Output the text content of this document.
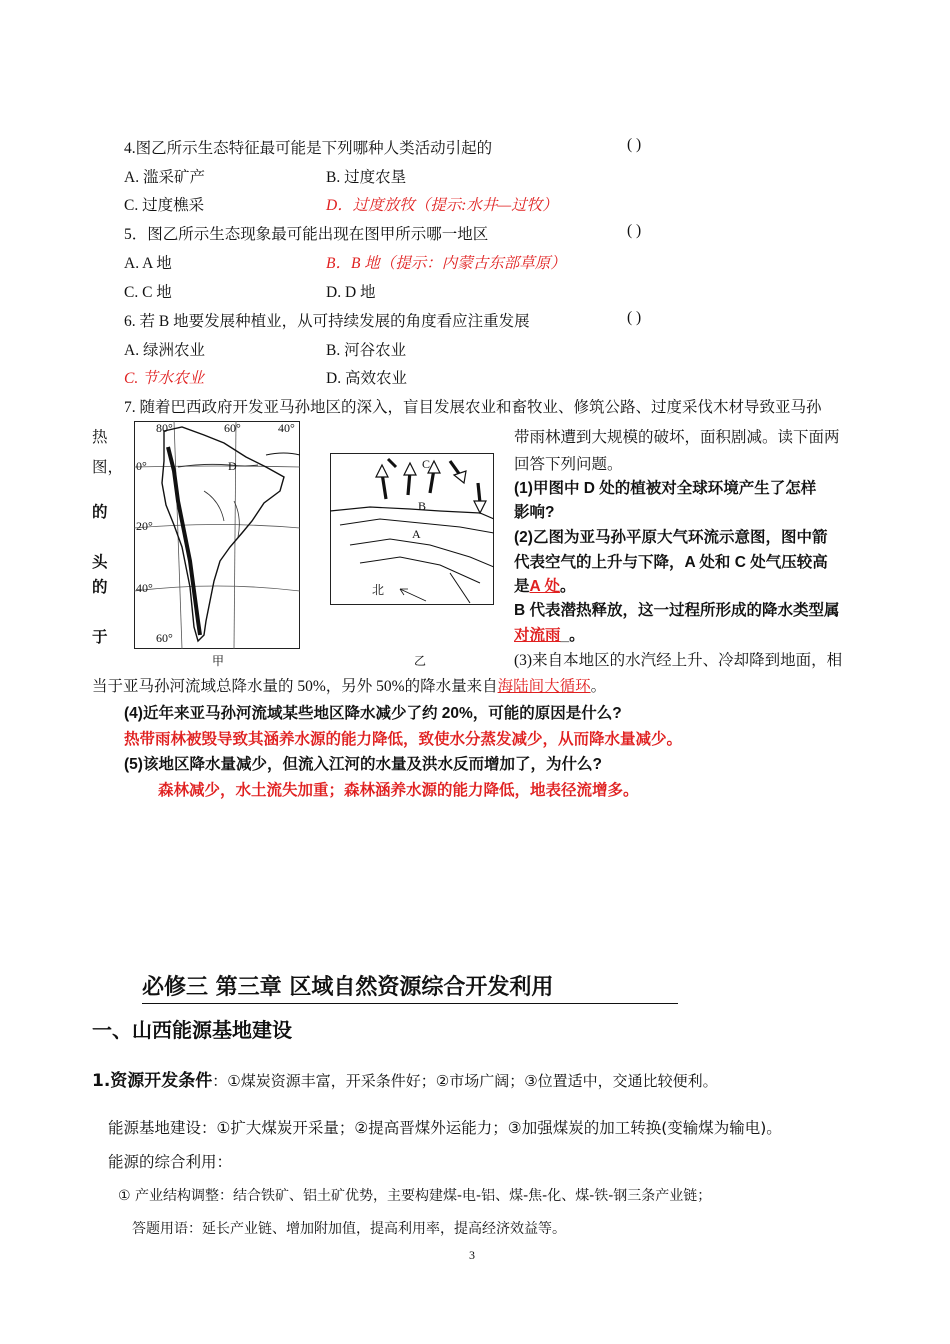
4.图乙所示生态特征最可能是下列哪种人类活动引起的	( )
A. 滥采矿产	B. 过度农垦
C. 过度樵采	D．过度放牧（提示:水井—过牧）
5．图乙所示生态现象最可能出现在图甲所示哪一地区	( )
A. A 地	B．B 地（提示：内蒙古东部草原）
C. C 地	D. D 地
6. 若 B 地要发展种植业，从可持续发展的角度看应注重发展	( )
A. 绿洲农业	B. 河谷农业
C. 节水农业	D. 高效农业
7. 随着巴西政府开发亚马孙地区的深入，盲目发展农业和畜牧业、修筑公路、过度采伐木材导致亚马孙
热
图，
的
头
的
于
80°	60°	40°
0°	D
20°
40°
60°
甲
C
B
A
北
乙
带雨林遭到大规模的破坏，面积剧减。读下面两
回答下列问题。
(1)甲图中 D 处的植被对全球环境产生了怎样
影响?
(2)乙图为亚马孙平原大气环流示意图，图中箭
代表空气的上升与下降，A 处和 C 处气压较高
是A 处。
B 代表潜热释放，这一过程所形成的降水类型属
对流雨_。
(3)来自本地区的水汽经上升、冷却降到地面，相
当于亚马孙河流域总降水量的 50%，另外 50%的降水量来自海陆间大循环。
(4)近年来亚马孙河流域某些地区降水减少了约 20%，可能的原因是什么?
热带雨林被毁导致其涵养水源的能力降低，致使水分蒸发减少，从而降水量减少。
(5)该地区降水量减少，但流入江河的水量及洪水反而增加了，为什么?
森林减少，水土流失加重；森林涵养水源的能力降低，地表径流增多。
必修三 第三章 区域自然资源综合开发利用
一、山西能源基地建设
1.资源开发条件：①煤炭资源丰富，开采条件好；②市场广阔；③位置适中，交通比较便利。
能源基地建设：①扩大煤炭开采量；②提高晋煤外运能力；③加强煤炭的加工转换(变输煤为输电)。
能源的综合利用：
① 产业结构调整：结合铁矿、铝土矿优势，主要构建煤-电-铝、煤-焦-化、煤-铁-钢三条产业链；
答题用语：延长产业链、增加附加值，提高利用率，提高经济效益等。
3
